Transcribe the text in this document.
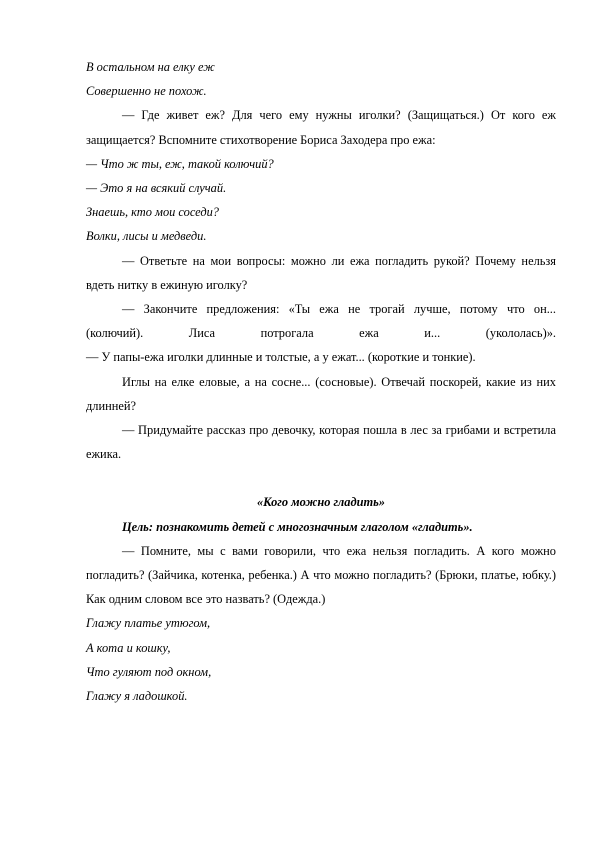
В остальном на елку еж
Совершенно не похож.

— Где живет еж? Для чего ему нужны иголки? (Защищаться.) От кого еж защищается? Вспомните стихотворение Бориса Заходера про ежа:

— Что ж ты, еж, такой колючий?
— Это я на всякий случай.
Знаешь, кто мои соседи?
Волки, лисы и медведи.

— Ответьте на мои вопросы: можно ли ежа погладить рукой? Почему нельзя вдеть нитку в ежиную иголку?

— Закончите предложения: «Ты ежа не трогай лучше, потому что он...

(колючий). Лиса потрогала ежа и... (укололась)».

— У папы-ежа иголки длинные и толстые, а у ежат... (короткие и тонкие).

Иглы на елке еловые, а на сосне... (сосновые). Отвечай поскорей, какие из них длинней?

— Придумайте рассказ про девочку, которая пошла в лес за грибами и встретила ежика.

«Кого можно гладить»

Цель: познакомить детей с многозначным глаголом «гладить».

— Помните, мы с вами говорили, что ежа нельзя погладить. А кого можно погладить? (Зайчика, котенка, ребенка.) А что можно погладить? (Брюки, платье, юбку.) Как одним словом все это назвать? (Одежда.)

Глажу платье утюгом,
А кота и кошку,
Что гуляют под окном,
Глажу я ладошкой.
